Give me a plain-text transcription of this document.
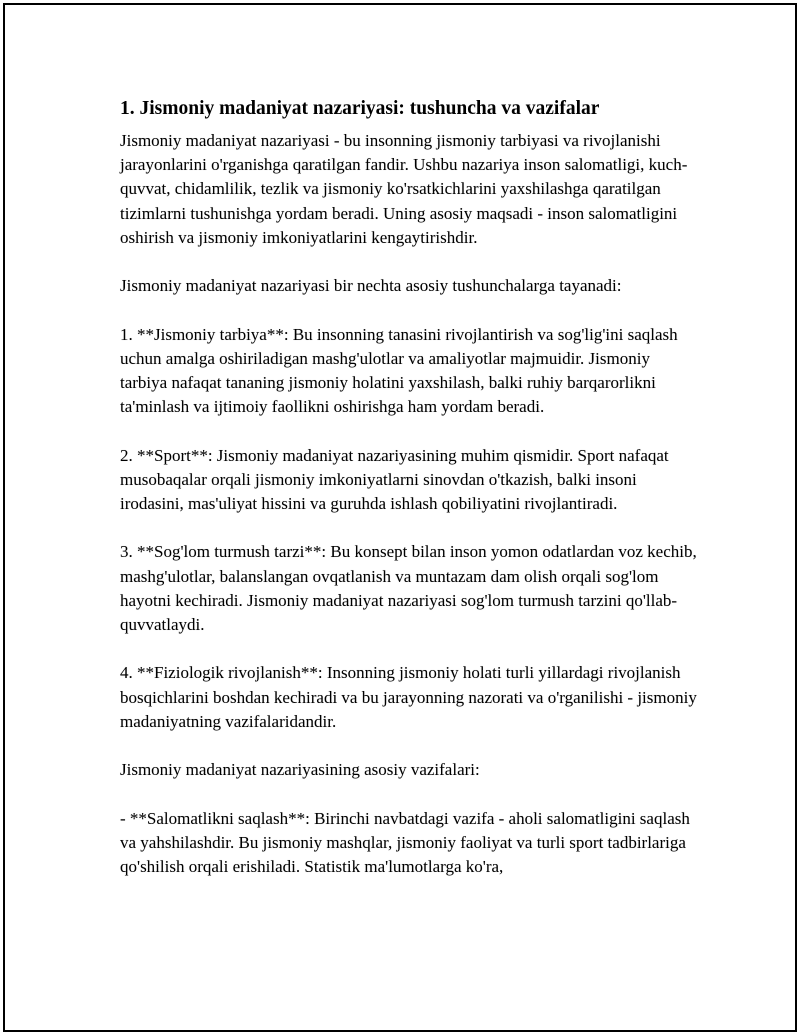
1. Jismoniy madaniyat nazariyasi: tushuncha va vazifalar

Jismoniy madaniyat nazariyasi - bu insonning jismoniy tarbiyasi va rivojlanishi jarayonlarini o'rganishga qaratilgan fandir. Ushbu nazariya inson salomatligi, kuch-quvvat, chidamlilik, tezlik va jismoniy ko'rsatkichlarini yaxshilashga qaratilgan tizimlarni tushunishga yordam beradi. Uning asosiy maqsadi - inson salomatligini oshirish va jismoniy imkoniyatlarini kengaytirishdir.

Jismoniy madaniyat nazariyasi bir nechta asosiy tushunchalarga tayanadi:

1. **Jismoniy tarbiya**: Bu insonning tanasini rivojlantirish va sog'lig'ini saqlash uchun amalga oshiriladigan mashg'ulotlar va amaliyotlar majmuidir. Jismoniy tarbiya nafaqat tananing jismoniy holatini yaxshilash, balki ruhiy barqarorlikni ta'minlash va ijtimoiy faollikni oshirishga ham yordam beradi.

2. **Sport**: Jismoniy madaniyat nazariyasining muhim qismidir. Sport nafaqat musobaqalar orqali jismoniy imkoniyatlarni sinovdan o'tkazish, balki insoni irodasini, mas'uliyat hissini va guruhda ishlash qobiliyatini rivojlantiradi.

3. **Sog'lom turmush tarzi**: Bu konsept bilan inson yomon odatlardan voz kechib, mashg'ulotlar, balanslangan ovqatlanish va muntazam dam olish orqali sog'lom hayotni kechiradi. Jismoniy madaniyat nazariyasi sog'lom turmush tarzini qo'llab-quvvatlaydi.

4. **Fiziologik rivojlanish**: Insonning jismoniy holati turli yillardagi rivojlanish bosqichlarini boshdan kechiradi va bu jarayonning nazorati va o'rganilishi - jismoniy madaniyatning vazifalaridandir.

Jismoniy madaniyat nazariyasining asosiy vazifalari:

- **Salomatlikni saqlash**: Birinchi navbatdagi vazifa - aholi salomatligini saqlash va yahshilashdir. Bu jismoniy mashqlar, jismoniy faoliyat va turli sport tadbirlariga qo'shilish orqali erishiladi. Statistik ma'lumotlarga ko'ra,
